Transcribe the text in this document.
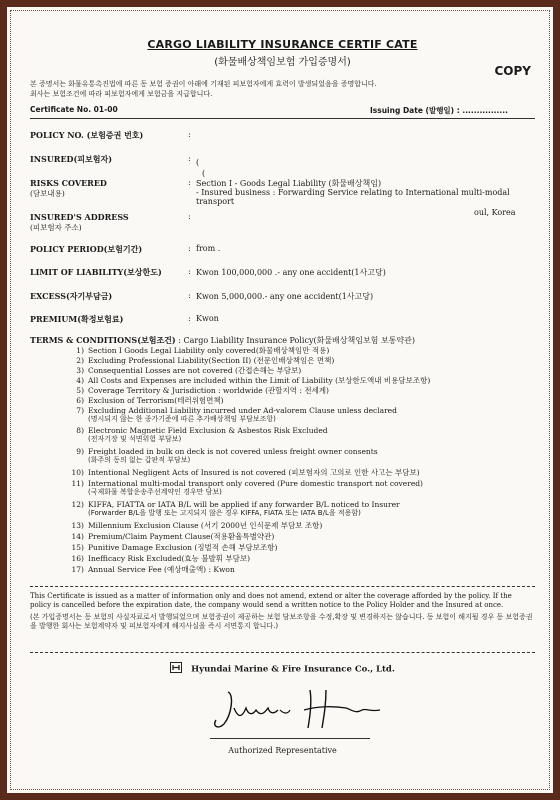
CARGO LIABILITY INSURANCE CERTIF CATE
(화물배상책임보험 가입증명서)
COPY
본 증명서는 화물유통촉진법에 따른 동 보험 증권이 아래에 기재된 피보험자에게 효력이 발생되었음을 증명합니다.
최사는 보험조건에 따라 피보험자에게 보험금을 지급합니다.
Certificate No. 01-00	Issuing Date (발행일) : ................
POLICY NO. (보험증권 번호)	:
INSURED(피보험자)	: (
(
RISKS COVERED
(담보내용)
: Section Ⅰ - Goods Legal Liability (화물배상책임)
- Insured business : Forwarding Service relating to International multi-modal transport
INSURED'S ADDRESS
(피보험자 주소)
:	oul, Korea
POLICY PERIOD(보험기간)	: from .
LIMIT OF LIABILITY(보상한도)	: Kwon 100,000,000 .- any one accident(1사고당)
EXCESS(자기부담금)	: Kwon 5,000,000.- any one accident(1사고당)
PREMIUM(확정보험료)	: Kwon
TERMS & CONDITIONS(보험조건) : Cargo Liability Insurance Policy(화물배상책임보험 보통약관)
1) Section Ⅰ Goods Legal Liability only covered(화물배상책임만 적용)
2) Excluding Professional Liability(Section II) (전문인배상책임은 면책)
3) Consequential Losses are not covered (간접손해는 부담보)
4) All Costs and Expenses are included within the Limit of Liability (보상한도액내 비용담보조항)
5) Coverage Territory & Jurisdiction : worldwide (관할지역 : 전세계)
6) Exclusion of Terrorism(테러위험면책)
7) Excluding Additional Liability incurred under Ad-valorem Clause unless declared
(명시되지 않는 한 종가기준에 따른 추가배상책임 부담보조항)
8) Electronic Magnetic Field Exclusion & Asbestos Risk Excluded
(전자기장 및 석면위험 부담보)
9) Freight loaded in bulk on deck is not covered unless freight owner consents
(화주의 동의 없는 갑판적 부담보)
10) Intentional Negligent Acts of Insured is not covered (피보험자의 고의로 인한 사고는 부담보)
11) International multi-modal transport only covered (Pure domestic transport not covered)
(국제화물 복합운송주선계약인 경우만 담보)
12) KIFFA, FIATTA or IATA B/L will be applied if any forwarder B/L noticed to Insurer
(Forwarder B/L을 발행 또는 고지되지 않은 경우 KIFFA, FIATA 또는 IATA B/L을 적용함)
13) Millennium Exclusion Clause (서기 2000년 인식문제 부담보 조항)
14) Premium/Claim Payment Clause(적용환율특별약관)
15) Punitive Damage Exclusion (징벌적 손해 부담보조항)
16) Inefficacy Risk Excluded(효능 불발휘 부담보)
17) Annual Service Fee (예상매출액) : Kwon
This Certificate is issued as a matter of information only and does not amend, extend or alter the coverage afforded by the policy. If the policy is cancelled before the expiration date, the company would send a written notice to the Policy Holder and the Insured at once.
(본 가입증명서는 동 보험의 사실자료로서 발행되었으며 보험증권이 제공하는 보험 담보조항을 수정,확장 및 변경하지는 않습니다. 동 보험이 해지될 경우 동 보험증권을 발행한 회사는 보험계약자 및 피보험자에게 해지사실을 즉시 서면통지 합니다.)
Hyundai Marine & Fire Insurance Co., Ltd.
Authorized Representative
